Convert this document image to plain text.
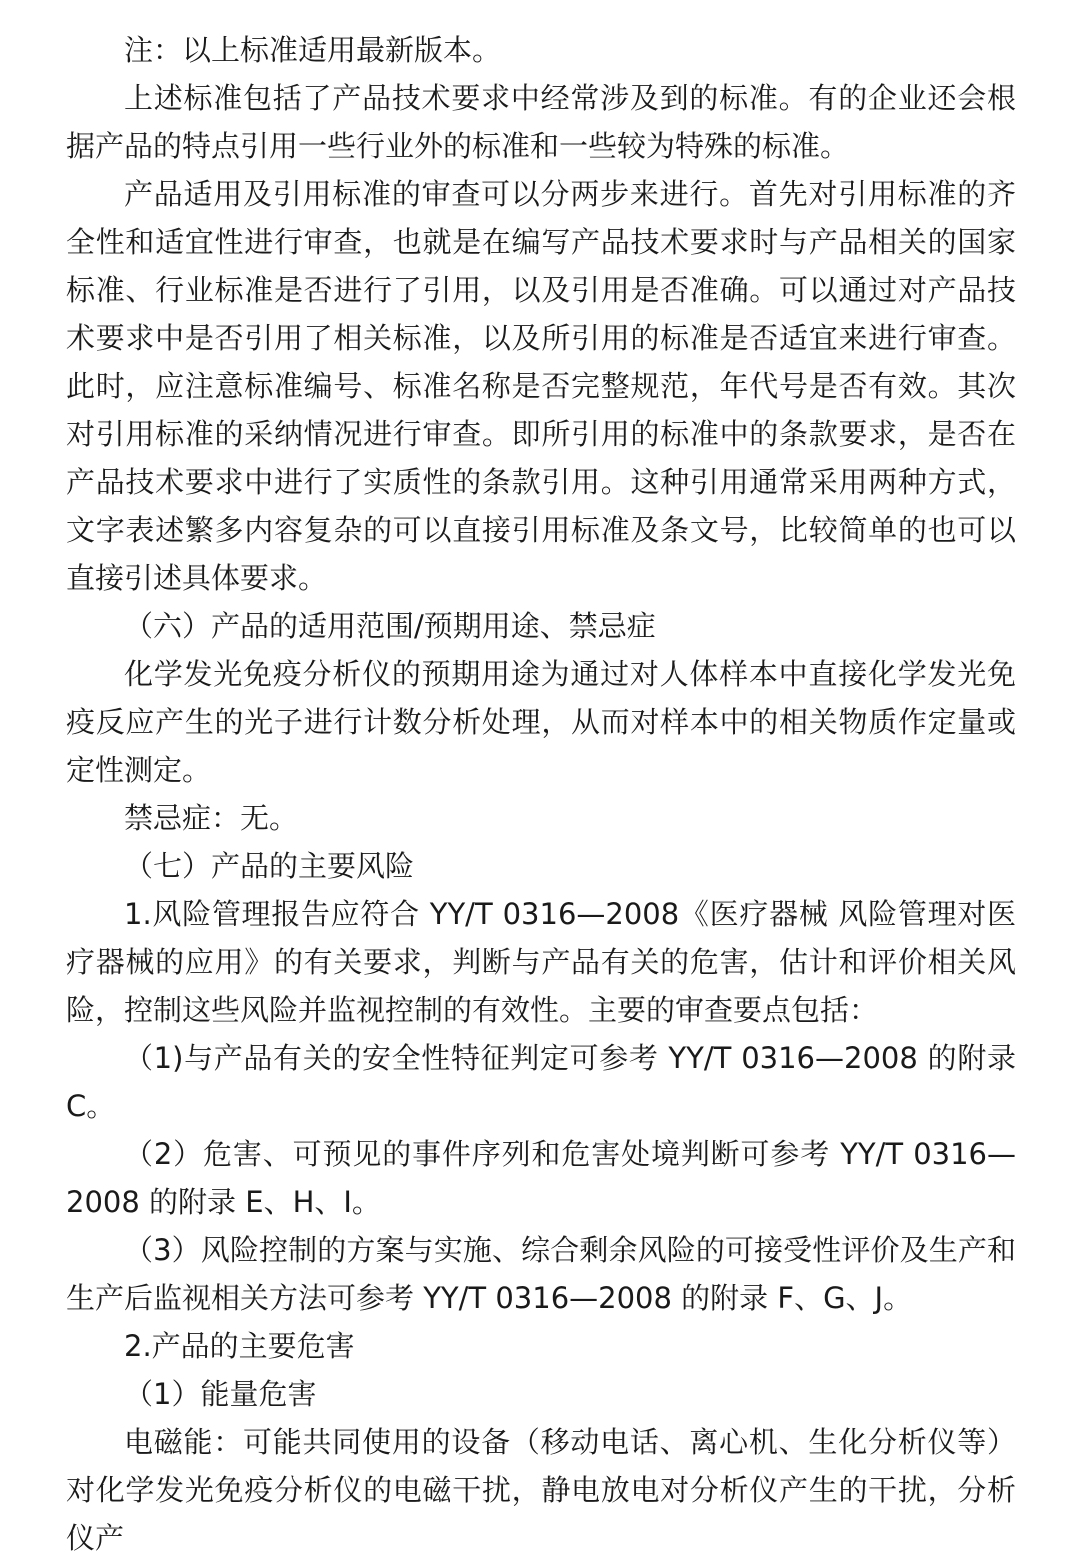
注：以上标准适用最新版本。

上述标准包括了产品技术要求中经常涉及到的标准。有的企业还会根据产品的特点引用一些行业外的标准和一些较为特殊的标准。

产品适用及引用标准的审查可以分两步来进行。首先对引用标准的齐全性和适宜性进行审查，也就是在编写产品技术要求时与产品相关的国家标准、行业标准是否进行了引用，以及引用是否准确。可以通过对产品技术要求中是否引用了相关标准，以及所引用的标准是否适宜来进行审查。此时，应注意标准编号、标准名称是否完整规范，年代号是否有效。其次对引用标准的采纳情况进行审查。即所引用的标准中的条款要求，是否在产品技术要求中进行了实质性的条款引用。这种引用通常采用两种方式，文字表述繁多内容复杂的可以直接引用标准及条文号，比较简单的也可以直接引述具体要求。

（六）产品的适用范围/预期用途、禁忌症

化学发光免疫分析仪的预期用途为通过对人体样本中直接化学发光免疫反应产生的光子进行计数分析处理，从而对样本中的相关物质作定量或定性测定。

禁忌症：无。

（七）产品的主要风险

1.风险管理报告应符合 YY/T 0316—2008《医疗器械 风险管理对医疗器械的应用》的有关要求，判断与产品有关的危害，估计和评价相关风险，控制这些风险并监视控制的有效性。主要的审查要点包括：

（1)与产品有关的安全性特征判定可参考 YY/T 0316—2008 的附录 C。

（2）危害、可预见的事件序列和危害处境判断可参考 YY/T 0316—2008 的附录 E、H、I。

（3）风险控制的方案与实施、综合剩余风险的可接受性评价及生产和生产后监视相关方法可参考 YY/T 0316—2008 的附录 F、G、J。

2.产品的主要危害

（1）能量危害

电磁能：可能共同使用的设备（移动电话、离心机、生化分析仪等）对化学发光免疫分析仪的电磁干扰，静电放电对分析仪产生的干扰，分析仪产
